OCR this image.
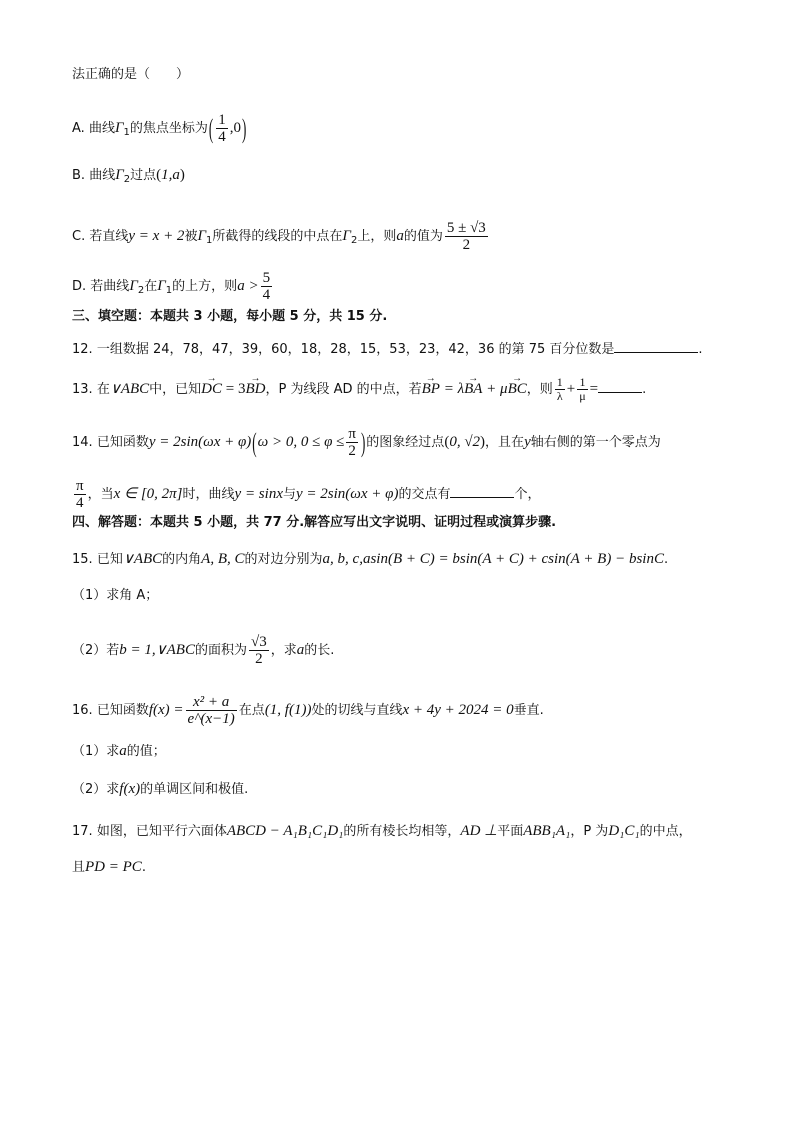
法正确的是（　　）
A. 曲线$\Gamma_1$的焦点坐标为( $\frac{1}{4} ,0$)
B. 曲线$\Gamma_2$过点(1,a)
C. 若直线y = x + 2被$\Gamma_1$所截得的线段的中点在$\Gamma_2$上，则a的值为 $\frac{5 \pm √3}{2}$
D. 若曲线$\Gamma_2$在$\Gamma_1$的上方，则$a > \frac{5}{4}$
三、填空题：本题共 3 小题，每小题 5 分，共 15 分.
12. 一组数据 24，78，47，39，60，18，28，15，53，23，42，36 的第 75 百分位数是	.
13. 在∨ABC中，已知→ DC = 3→ BD，P 为线段 AD 的中点，若→ BP = λ→ BA + μ→ BC，则 $\frac{1}{\lambda} + \frac{1}{\mu}$ =	.
14. 已知函数y = 2sin(ωx + φ)(ω > 0, $0 \le \varphi \le \frac{\pi}{2}$ )的图象经过点(0, √2)，且在y轴右侧的第一个零点为
$\frac{\pi}{4}$ ，当x ∈ [0, 2π]时，曲线y = sinx与y = 2sin(ωx + φ)的交点有	个，
四、解答题：本题共 5 小题，共 77 分.解答应写出文字说明、证明过程或演算步骤.
15. 已知∨ABC的内角A, B, C的对边分别为a, b, c,asin(B + C) = bsin(A + C) + csin(A + B) − bsinC.
（1）求角 A；
（2）若b = 1,∨ABC的面积为 $\frac{√3}{2}$ ，求a的长.
16. 已知函数$f(x) = \frac{\text{x² + a}}{e\^{}(x-1)}$ 在点(1, f(1))处的切线与直线x + 4y + 2024 = 0垂直.
（1）求a的值；
（2）求f(x)的单调区间和极值.
17. 如图，已知平行六面体ABCD − A₁B₁C₁D₁的所有棱长均相等，AD ⊥平面ABB₁A₁，P 为D₁C₁的中点，
且PD = PC.
